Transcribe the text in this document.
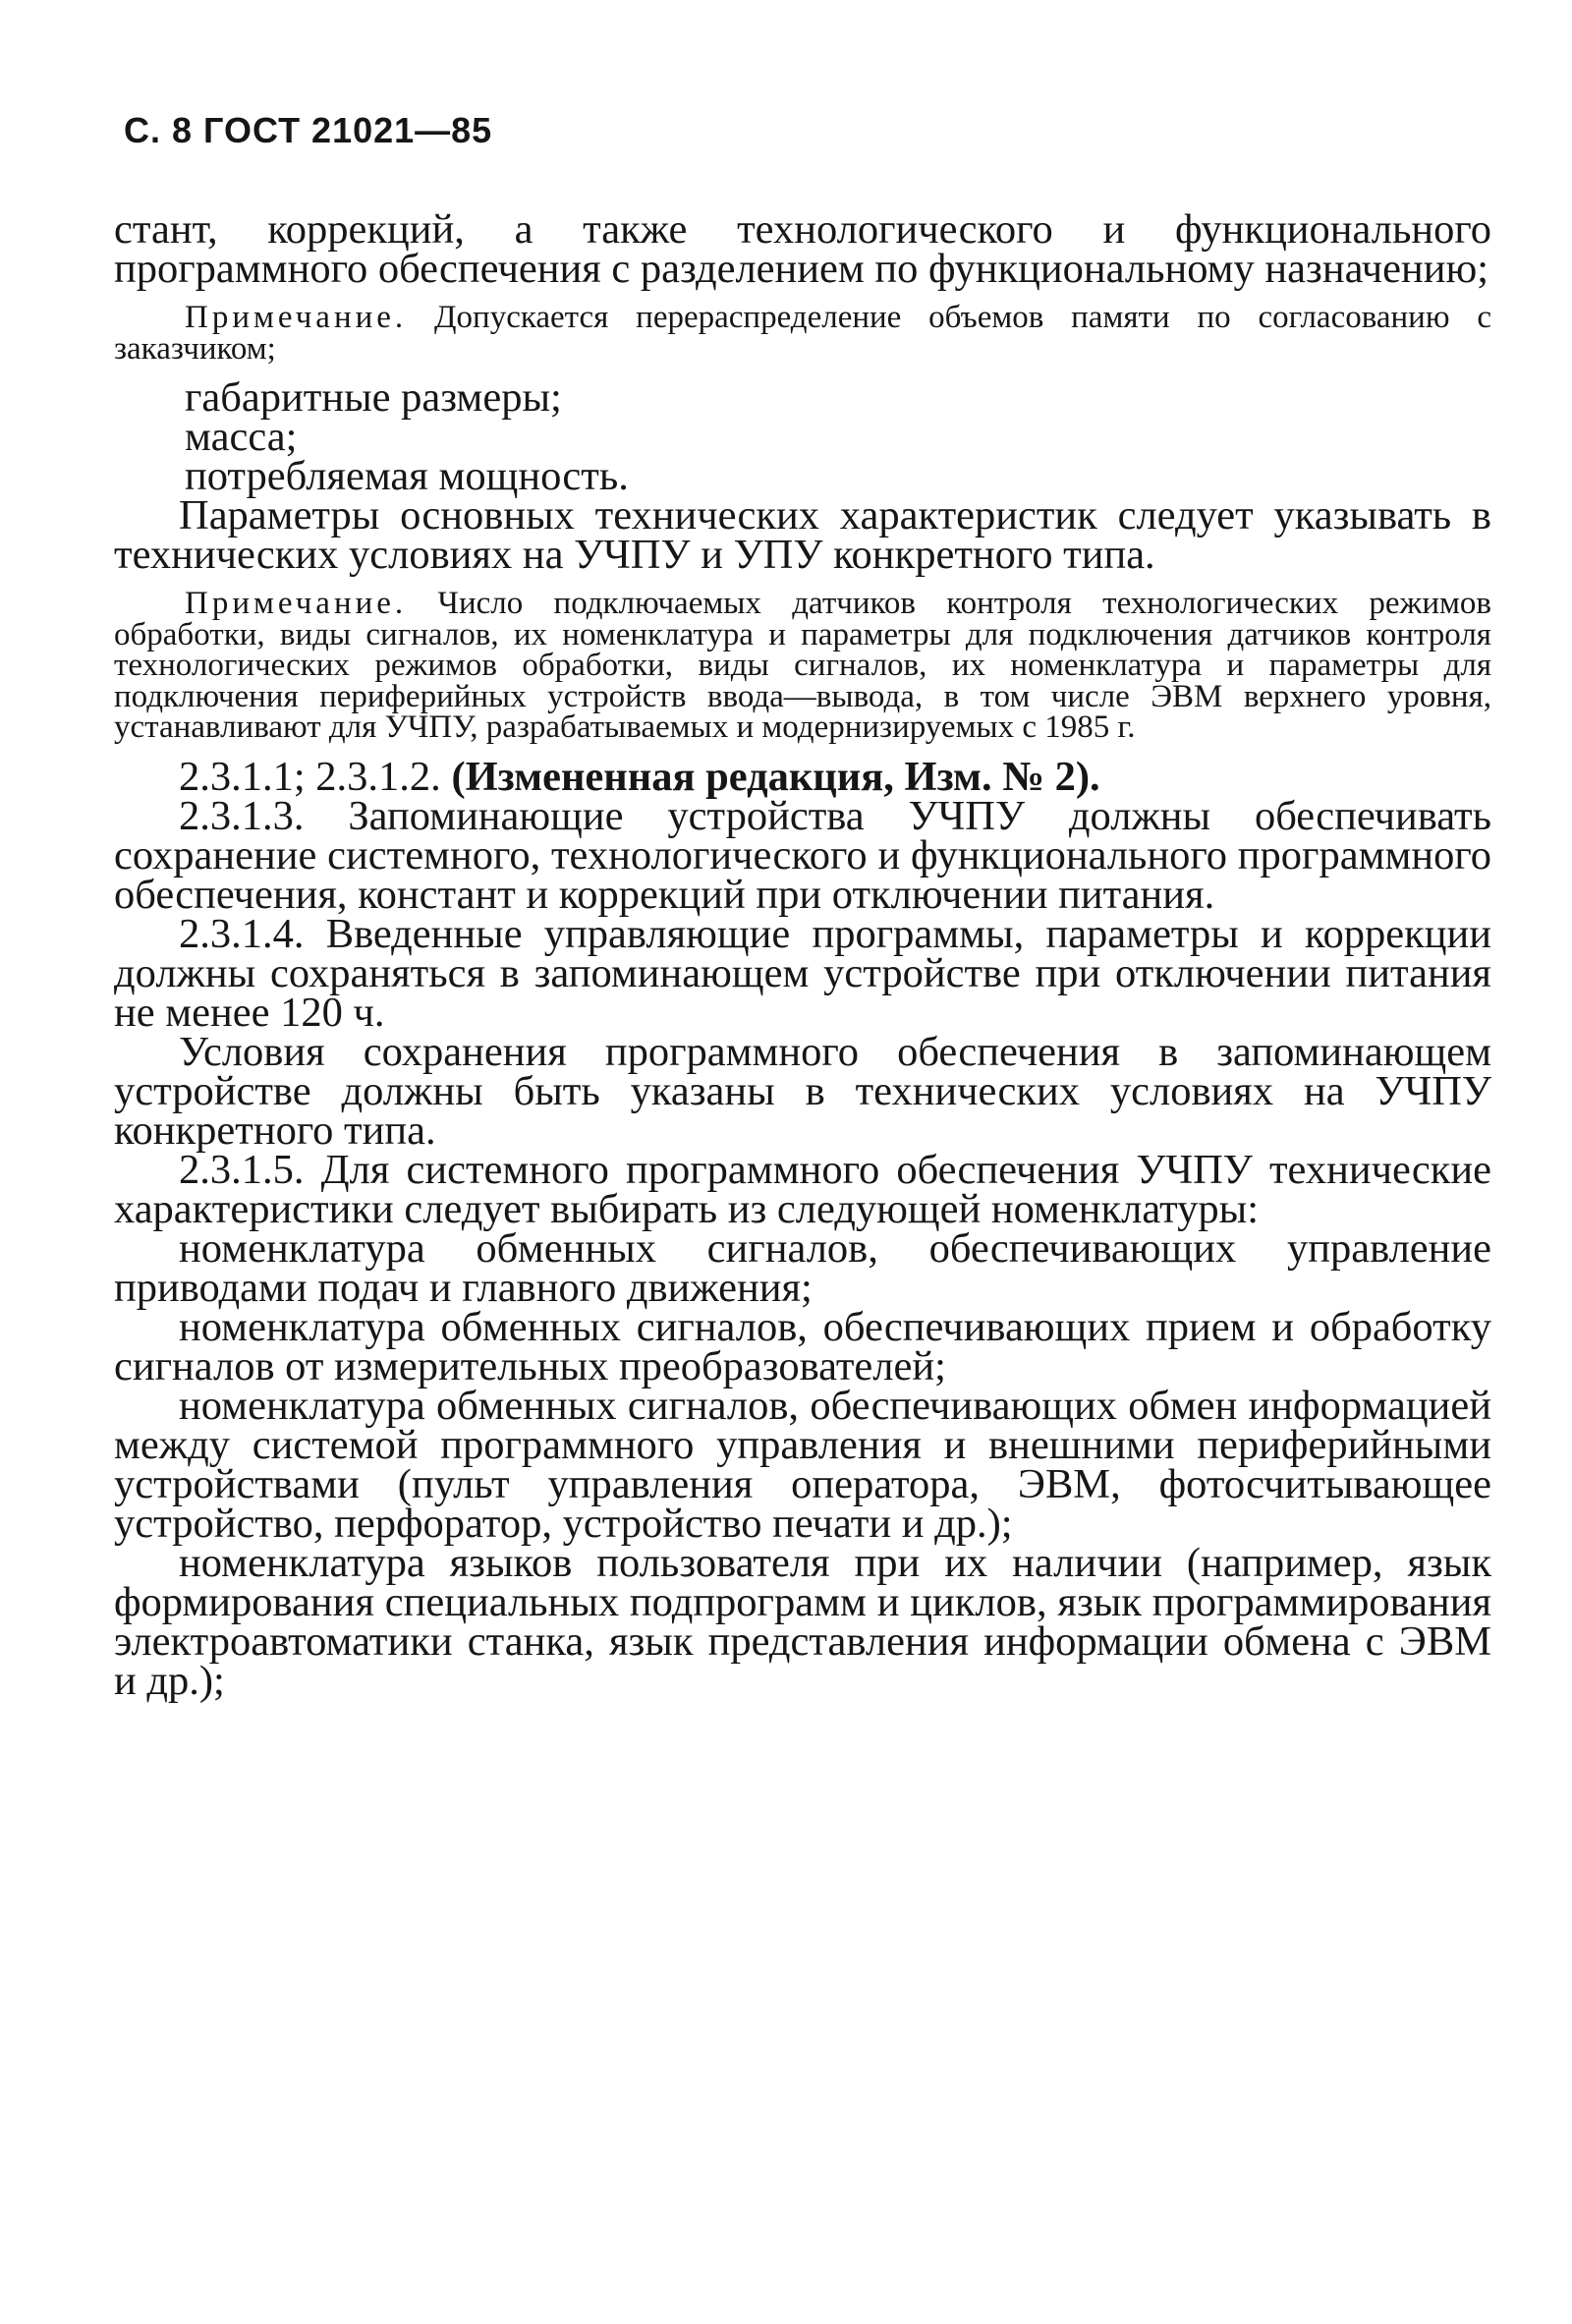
С. 8 ГОСТ 21021—85

стант, коррекций, а также технологического и функционального программного обеспечения с разделением по функциональному назначению;

Примечание. Допускается перераспределение объемов памяти по согласованию с заказчиком;

габаритные размеры;

масса;

потребляемая мощность.

Параметры основных технических характеристик следует указывать в технических условиях на УЧПУ и УПУ конкретного типа.

Примечание. Число подключаемых датчиков контроля технологических режимов обработки, виды сигналов, их номенклатура и параметры для подключения датчиков контроля технологических режимов обработки, виды сигналов, их номенклатура и параметры для подключения периферийных устройств ввода—вывода, в том числе ЭВМ верхнего уровня, устанавливают для УЧПУ, разрабатываемых и модернизируемых с 1985 г.

2.3.1.1; 2.3.1.2. (Измененная редакция, Изм. № 2).

2.3.1.3. Запоминающие устройства УЧПУ должны обеспечивать сохранение системного, технологического и функционального программного обеспечения, констант и коррекций при отключении питания.

2.3.1.4. Введенные управляющие программы, параметры и коррекции должны сохраняться в запоминающем устройстве при отключении питания не менее 120 ч.

Условия сохранения программного обеспечения в запоминающем устройстве должны быть указаны в технических условиях на УЧПУ конкретного типа.

2.3.1.5. Для системного программного обеспечения УЧПУ технические характеристики следует выбирать из следующей номенклатуры:

номенклатура обменных сигналов, обеспечивающих управление приводами подач и главного движения;

номенклатура обменных сигналов, обеспечивающих прием и обработку сигналов от измерительных преобразователей;

номенклатура обменных сигналов, обеспечивающих обмен информацией между системой программного управления и внешними периферийными устройствами (пульт управления оператора, ЭВМ, фотосчитывающее устройство, перфоратор, устройство печати и др.);

номенклатура языков пользователя при их наличии (например, язык формирования специальных подпрограмм и циклов, язык программирования электроавтоматики станка, язык представления информации обмена с ЭВМ и др.);
